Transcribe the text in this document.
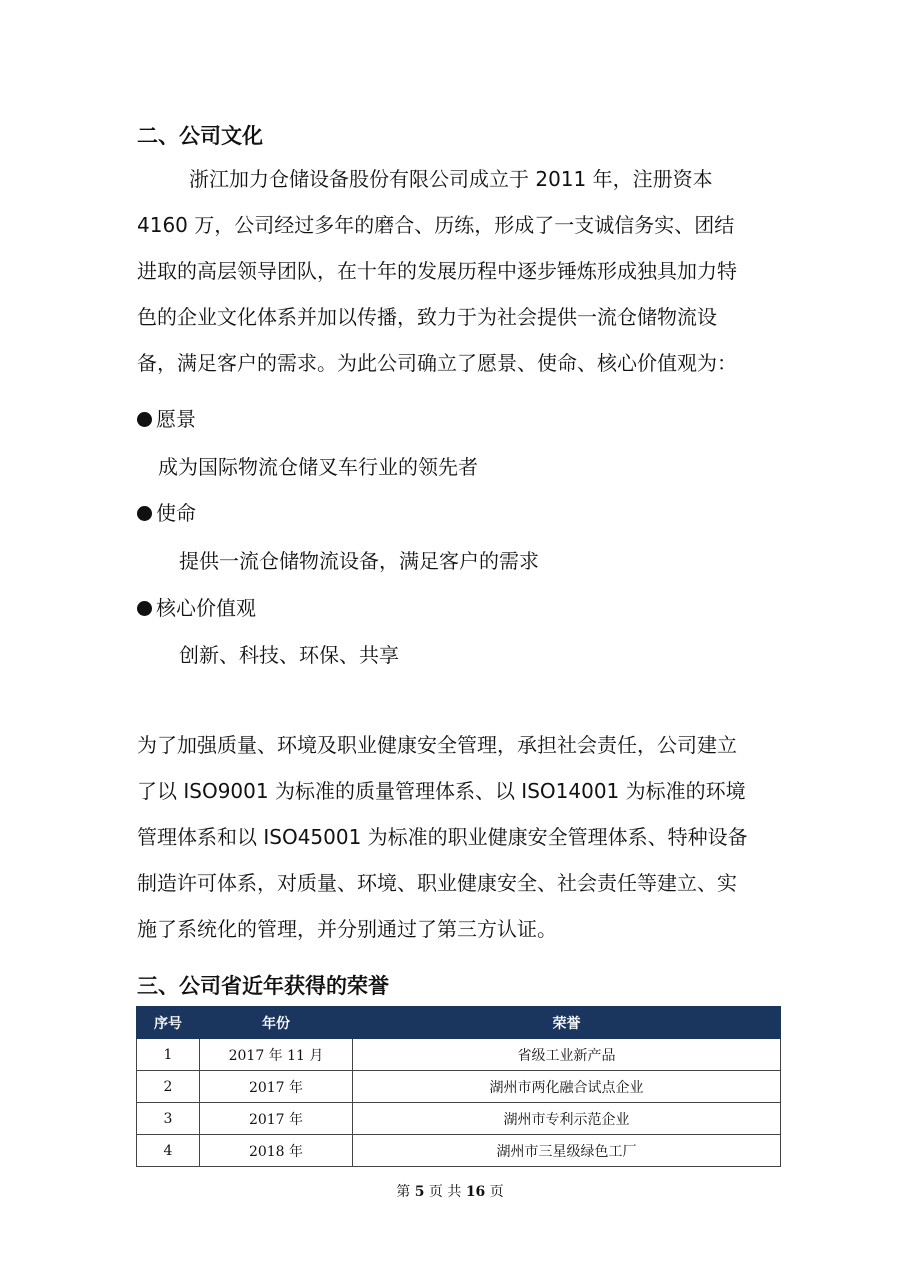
二、公司文化
浙江加力仓储设备股份有限公司成立于 2011 年，注册资本
4160 万，公司经过多年的磨合、历练，形成了一支诚信务实、团结
进取的高层领导团队，在十年的发展历程中逐步锤炼形成独具加力特
色的企业文化体系并加以传播，致力于为社会提供一流仓储物流设
备，满足客户的需求。为此公司确立了愿景、使命、核心价值观为：

愿景

成为国际物流仓储叉车行业的领先者

使命

提供一流仓储物流设备，满足客户的需求

核心价值观

创新、科技、环保、共享

为了加强质量、环境及职业健康安全管理，承担社会责任，公司建立
了以 ISO9001 为标准的质量管理体系、以 ISO14001 为标准的环境
管理体系和以 ISO45001 为标准的职业健康安全管理体系、特种设备
制造许可体系，对质量、环境、职业健康安全、社会责任等建立、实
施了系统化的管理，并分别通过了第三方认证。
三、公司省近年获得的荣誉
序号	年份	荣誉
1	2017 年 11 月	省级工业新产品
2	2017 年	湖州市两化融合试点企业
3	2017 年	湖州市专利示范企业
4	2018 年	湖州市三星级绿色工厂
第 5 页 共 16 页
